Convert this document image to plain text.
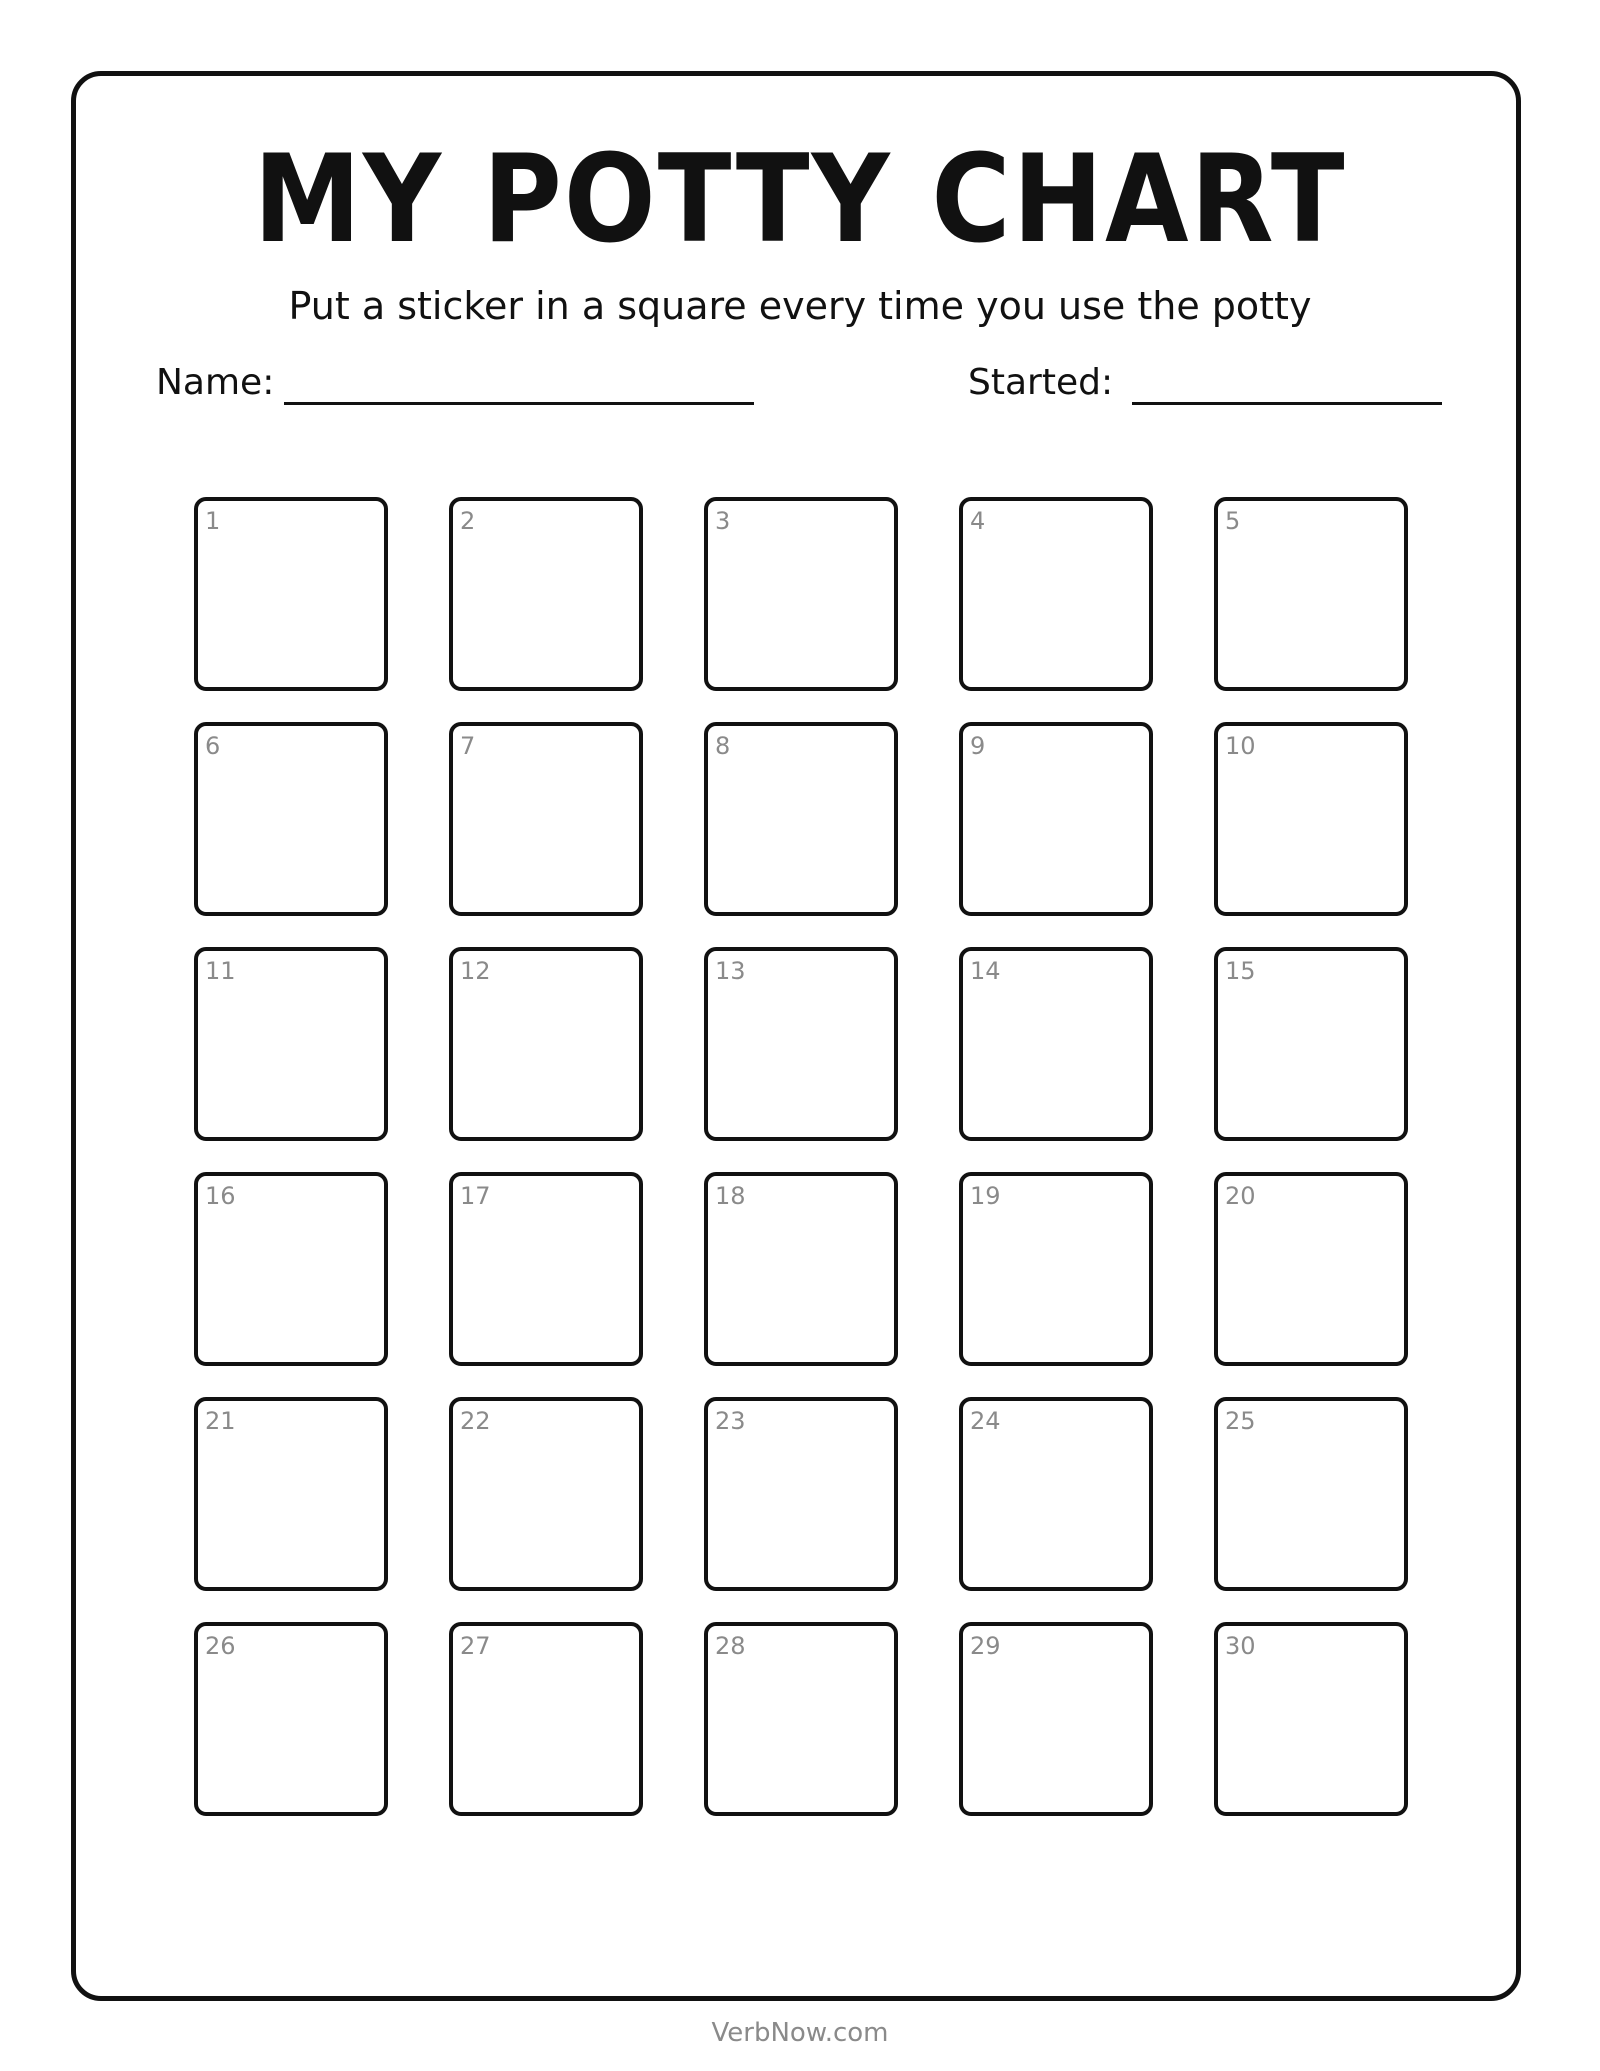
MY POTTY CHART
Put a sticker in a square every time you use the potty
Name:	Started:
1	2	3	4	5
6	7	8	9	10
11	12	13	14	15
16	17	18	19	20
21	22	23	24	25
26	27	28	29	30
VerbNow.com
